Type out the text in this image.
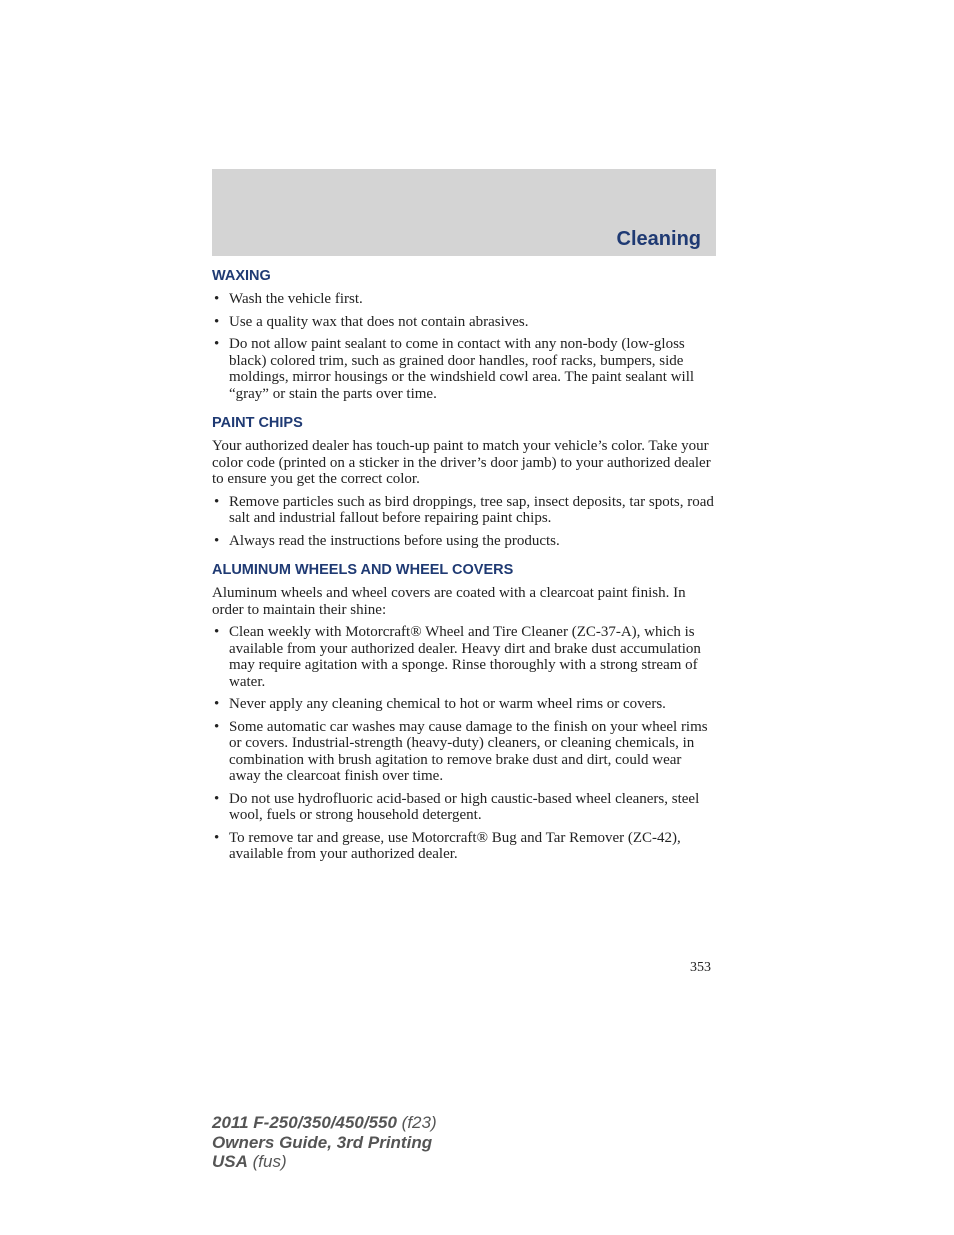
Cleaning
WAXING
• Wash the vehicle first.
• Use a quality wax that does not contain abrasives.
• Do not allow paint sealant to come in contact with any non-body (low-gloss black) colored trim, such as grained door handles, roof racks, bumpers, side moldings, mirror housings or the windshield cowl area. The paint sealant will “gray” or stain the parts over time.
PAINT CHIPS
Your authorized dealer has touch-up paint to match your vehicle’s color. Take your color code (printed on a sticker in the driver’s door jamb) to your authorized dealer to ensure you get the correct color.
• Remove particles such as bird droppings, tree sap, insect deposits, tar spots, road salt and industrial fallout before repairing paint chips.
• Always read the instructions before using the products.
ALUMINUM WHEELS AND WHEEL COVERS
Aluminum wheels and wheel covers are coated with a clearcoat paint finish. In order to maintain their shine:
• Clean weekly with Motorcraft® Wheel and Tire Cleaner (ZC-37-A), which is available from your authorized dealer. Heavy dirt and brake dust accumulation may require agitation with a sponge. Rinse thoroughly with a strong stream of water.
• Never apply any cleaning chemical to hot or warm wheel rims or covers.
• Some automatic car washes may cause damage to the finish on your wheel rims or covers. Industrial-strength (heavy-duty) cleaners, or cleaning chemicals, in combination with brush agitation to remove brake dust and dirt, could wear away the clearcoat finish over time.
• Do not use hydrofluoric acid-based or high caustic-based wheel cleaners, steel wool, fuels or strong household detergent.
• To remove tar and grease, use Motorcraft® Bug and Tar Remover (ZC-42), available from your authorized dealer.
353
2011 F-250/350/450/550 (f23)
Owners Guide, 3rd Printing
USA (fus)
